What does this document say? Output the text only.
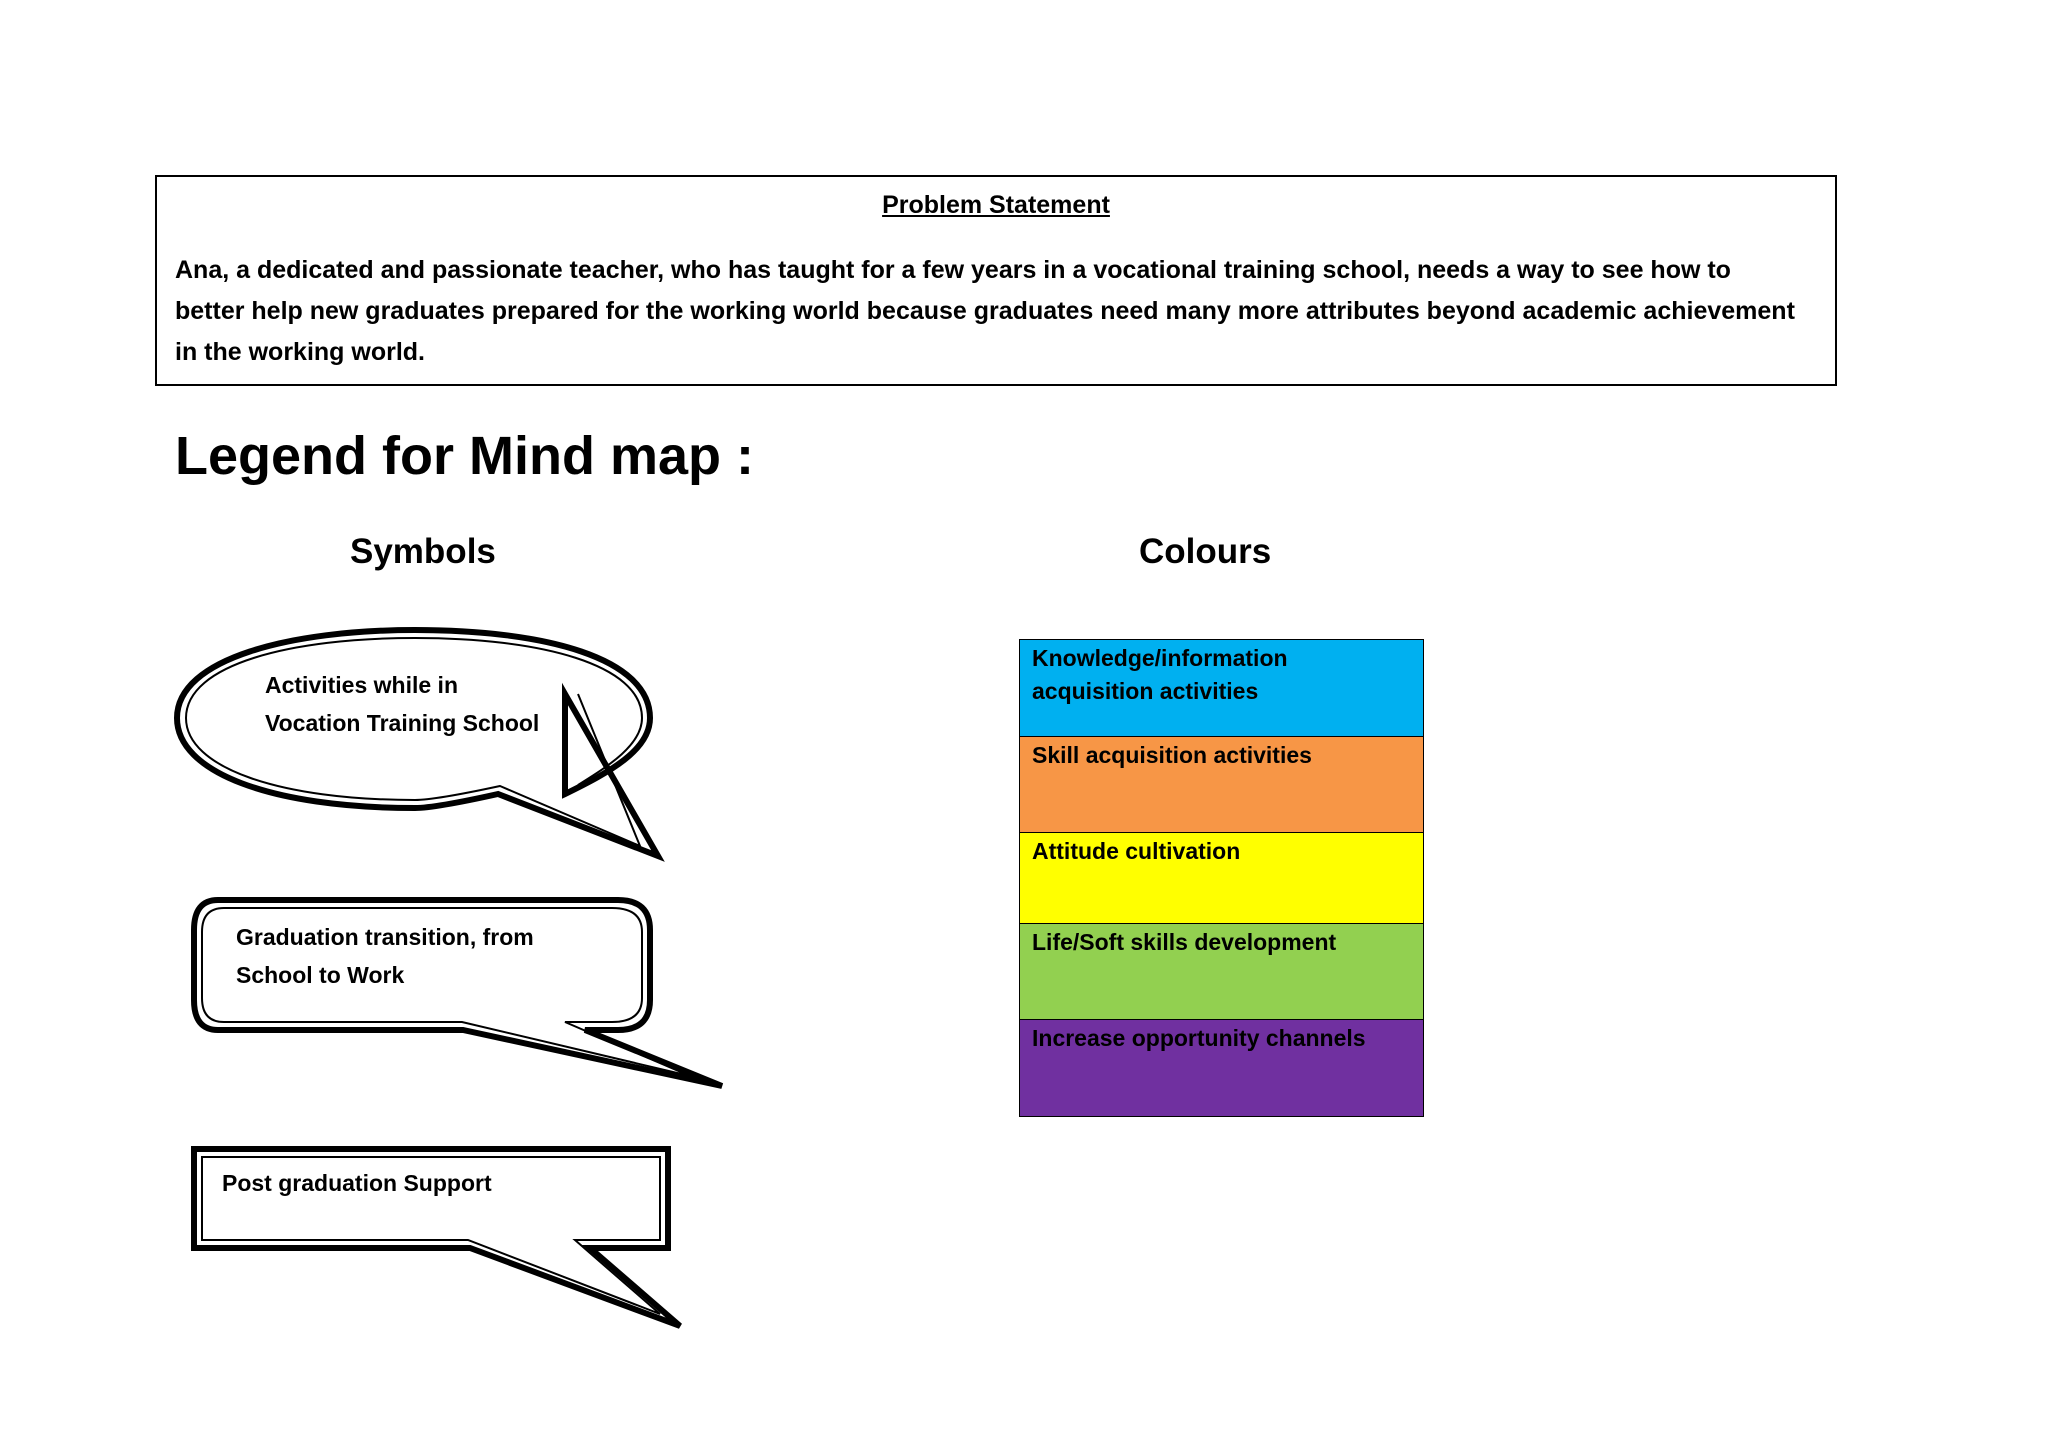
Problem Statement
Ana, a dedicated and passionate teacher, who has taught for a few years in a vocational training school, needs a way to see how to better help new graduates prepared for the working world because graduates need many more attributes beyond academic achievement in the working world.
Legend for Mind map :
Symbols	Colours
Activities while in
Vocation Training School
Graduation transition, from
School to Work
Post graduation Support
Knowledge/information acquisition activities
Skill acquisition activities
Attitude cultivation
Life/Soft skills development
Increase opportunity channels
